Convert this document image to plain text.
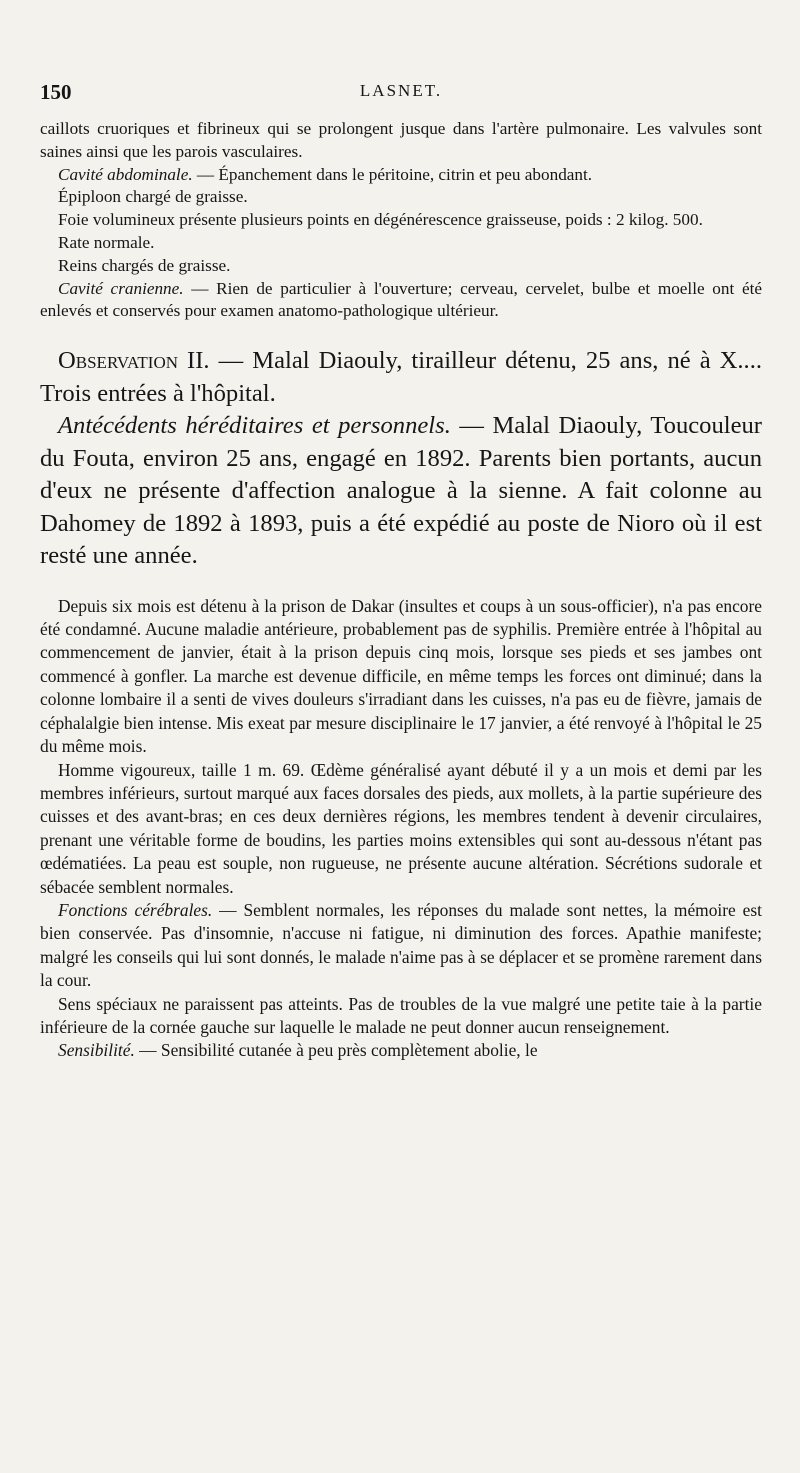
150	LASNET.

caillots cruoriques et fibrineux qui se prolongent jusque dans l'artère pulmonaire. Les valvules sont saines ainsi que les parois vasculaires.

Cavité abdominale. — Épanchement dans le péritoine, citrin et peu abondant.

Épiploon chargé de graisse.

Foie volumineux présente plusieurs points en dégénérescence graisseuse, poids : 2 kilog. 500.

Rate normale.

Reins chargés de graisse.

Cavité cranienne. — Rien de particulier à l'ouverture; cerveau, cervelet, bulbe et moelle ont été enlevés et conservés pour examen anatomo-pathologique ultérieur.

Observation II. — Malal Diaouly, tirailleur détenu, 25 ans, né à X.... Trois entrées à l'hôpital.

Antécédents héréditaires et personnels. — Malal Diaouly, Toucouleur du Fouta, environ 25 ans, engagé en 1892. Parents bien portants, aucun d'eux ne présente d'affection analogue à la sienne. A fait colonne au Dahomey de 1892 à 1893, puis a été expédié au poste de Nioro où il est resté une année.

Depuis six mois est détenu à la prison de Dakar (insultes et coups à un sous-officier), n'a pas encore été condamné. Aucune maladie antérieure, probablement pas de syphilis. Première entrée à l'hôpital au commencement de janvier, était à la prison depuis cinq mois, lorsque ses pieds et ses jambes ont commencé à gonfler. La marche est devenue difficile, en même temps les forces ont diminué; dans la colonne lombaire il a senti de vives douleurs s'irradiant dans les cuisses, n'a pas eu de fièvre, jamais de céphalalgie bien intense. Mis exeat par mesure disciplinaire le 17 janvier, a été renvoyé à l'hôpital le 25 du même mois.

Homme vigoureux, taille 1 m. 69. Œdème généralisé ayant débuté il y a un mois et demi par les membres inférieurs, surtout marqué aux faces dorsales des pieds, aux mollets, à la partie supérieure des cuisses et des avant-bras; en ces deux dernières régions, les membres tendent à devenir circulaires, prenant une véritable forme de boudins, les parties moins extensibles qui sont au-dessous n'étant pas œdématiées. La peau est souple, non rugueuse, ne présente aucune altération. Sécrétions sudorale et sébacée semblent normales.

Fonctions cérébrales. — Semblent normales, les réponses du malade sont nettes, la mémoire est bien conservée. Pas d'insomnie, n'accuse ni fatigue, ni diminution des forces. Apathie manifeste; malgré les conseils qui lui sont donnés, le malade n'aime pas à se déplacer et se promène rarement dans la cour.

Sens spéciaux ne paraissent pas atteints. Pas de troubles de la vue malgré une petite taie à la partie inférieure de la cornée gauche sur laquelle le malade ne peut donner aucun renseignement.

Sensibilité. — Sensibilité cutanée à peu près complètement abolie, le
